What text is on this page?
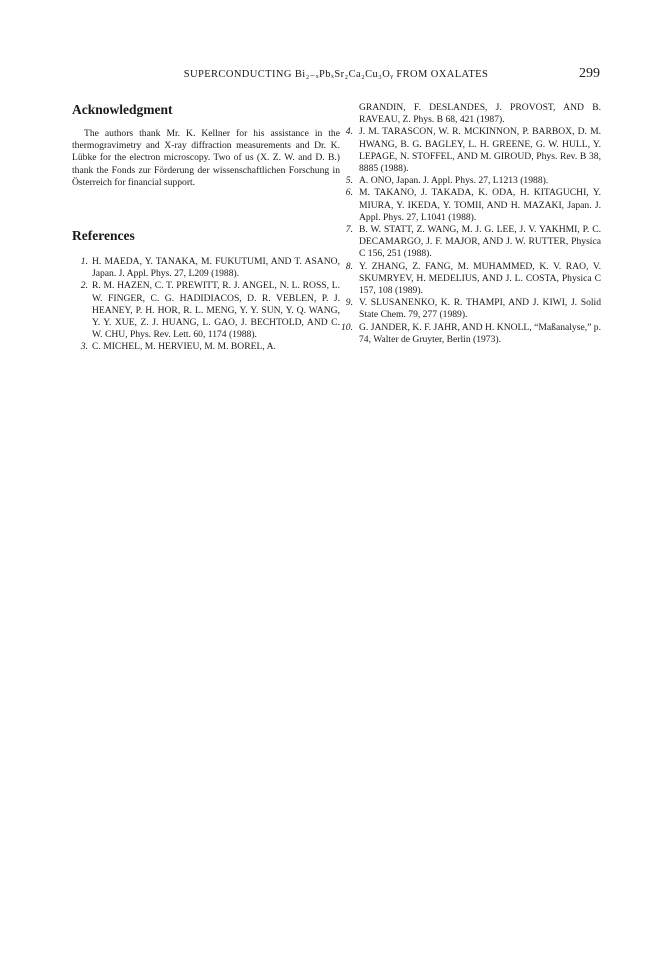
SUPERCONDUCTING Bi₂₋ₓPbₓSr₂Ca₂Cu₃Oᵧ FROM OXALATES	299
Acknowledgment

The authors thank Mr. K. Kellner for his assistance in the thermogravimetry and X-ray diffraction measurements and Dr. K. Lübke for the electron microscopy. Two of us (X. Z. W. and D. B.) thank the Fonds zur Förderung der wissenschaftlichen Forschung in Österreich for financial support.

References
1. H. MAEDA, Y. TANAKA, M. FUKUTUMI, AND T. ASANO, Japan. J. Appl. Phys. 27, L209 (1988).
2. R. M. HAZEN, C. T. PREWITT, R. J. ANGEL, N. L. ROSS, L. W. FINGER, C. G. HADIDIACOS, D. R. VEBLEN, P. J. HEANEY, P. H. HOR, R. L. MENG, Y. Y. SUN, Y. Q. WANG, Y. Y. XUE, Z. J. HUANG, L. GAO, J. BECHTOLD, AND C. W. CHU, Phys. Rev. Lett. 60, 1174 (1988).
3. C. MICHEL, M. HERVIEU, M. M. BOREL, A.

GRANDIN, F. DESLANDES, J. PROVOST, AND B. RAVEAU, Z. Phys. B 68, 421 (1987).

4. J. M. TARASCON, W. R. MCKINNON, P. BARBOX, D. M. HWANG, B. G. BAGLEY, L. H. GREENE, G. W. HULL, Y. LEPAGE, N. STOFFEL, AND M. GIROUD, Phys. Rev. B 38, 8885 (1988).
5. A. ONO, Japan. J. Appl. Phys. 27, L1213 (1988).
6. M. TAKANO, J. TAKADA, K. ODA, H. KITAGUCHI, Y. MIURA, Y. IKEDA, Y. TOMII, AND H. MAZAKI, Japan. J. Appl. Phys. 27, L1041 (1988).
7. B. W. STATT, Z. WANG, M. J. G. LEE, J. V. YAKHMI, P. C. DECAMARGO, J. F. MAJOR, AND J. W. RUTTER, Physica C 156, 251 (1988).
8. Y. ZHANG, Z. FANG, M. MUHAMMED, K. V. RAO, V. SKUMRYEV, H. MEDELIUS, AND J. L. COSTA, Physica C 157, 108 (1989).
9. V. SLUSANENKO, K. R. THAMPI, AND J. KIWI, J. Solid State Chem. 79, 277 (1989).
10. G. JANDER, K. F. JAHR, AND H. KNOLL, “Maßanalyse,” p. 74, Walter de Gruyter, Berlin (1973).
